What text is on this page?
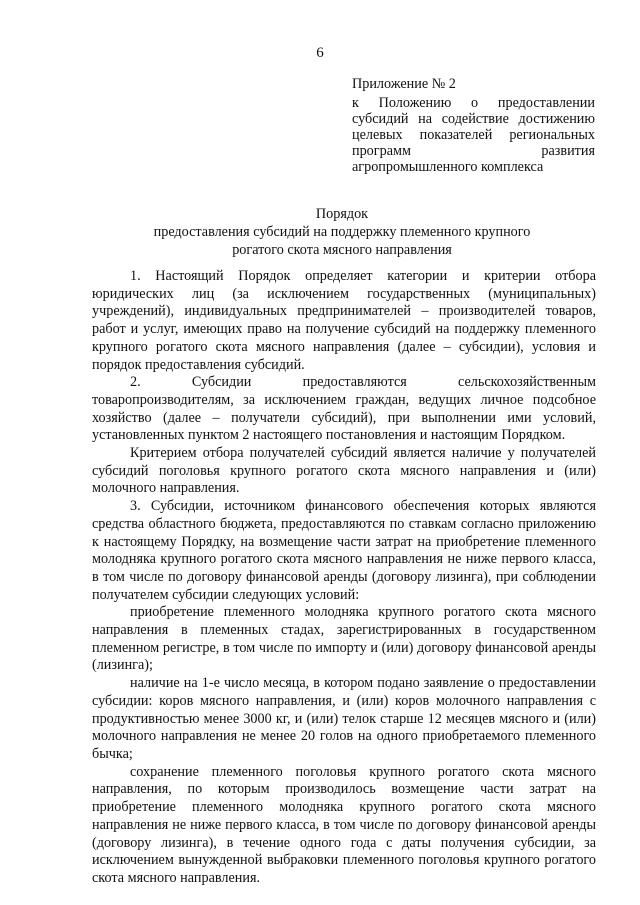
6
Приложение № 2
к Положению о предоставлении субсидий на содействие достижению целевых показателей региональных программ развития агропромышленного комплекса
Порядок
предоставления субсидий на поддержку племенного крупного
рогатого скота мясного направления

1. Настоящий Порядок определяет категории и критерии отбора юридических лиц (за исключением государственных (муниципальных) учреждений), индивидуальных предпринимателей – производителей товаров, работ и услуг, имеющих право на получение субсидий на поддержку племенного крупного рогатого скота мясного направления (далее – субсидии), условия и порядок предоставления субсидий.

2. Субсидии предоставляются сельскохозяйственным товаропроизводителям, за исключением граждан, ведущих личное подсобное хозяйство (далее – получатели субсидий), при выполнении ими условий, установленных пунктом 2 настоящего постановления и настоящим Порядком.

Критерием отбора получателей субсидий является наличие у получателей субсидий поголовья крупного рогатого скота мясного направления и (или) молочного направления.

3. Субсидии, источником финансового обеспечения которых являются средства областного бюджета, предоставляются по ставкам согласно приложению к настоящему Порядку, на возмещение части затрат на приобретение племенного молодняка крупного рогатого скота мясного направления не ниже первого класса, в том числе по договору финансовой аренды (договору лизинга), при соблюдении получателем субсидии следующих условий:

приобретение племенного молодняка крупного рогатого скота мясного направления в племенных стадах, зарегистрированных в государственном племенном регистре, в том числе по импорту и (или) договору финансовой аренды (лизинга);

наличие на 1-е число месяца, в котором подано заявление о предоставлении субсидии: коров мясного направления, и (или) коров молочного направления с продуктивностью менее 3000 кг, и (или) телок старше 12 месяцев мясного и (или) молочного направления не менее 20 голов на одного приобретаемого племенного бычка;

сохранение племенного поголовья крупного рогатого скота мясного направления, по которым производилось возмещение части затрат на приобретение племенного молодняка крупного рогатого скота мясного направления не ниже первого класса, в том числе по договору финансовой аренды (договору лизинга), в течение одного года с даты получения субсидии, за исключением вынужденной выбраковки племенного поголовья крупного рогатого скота мясного направления.
